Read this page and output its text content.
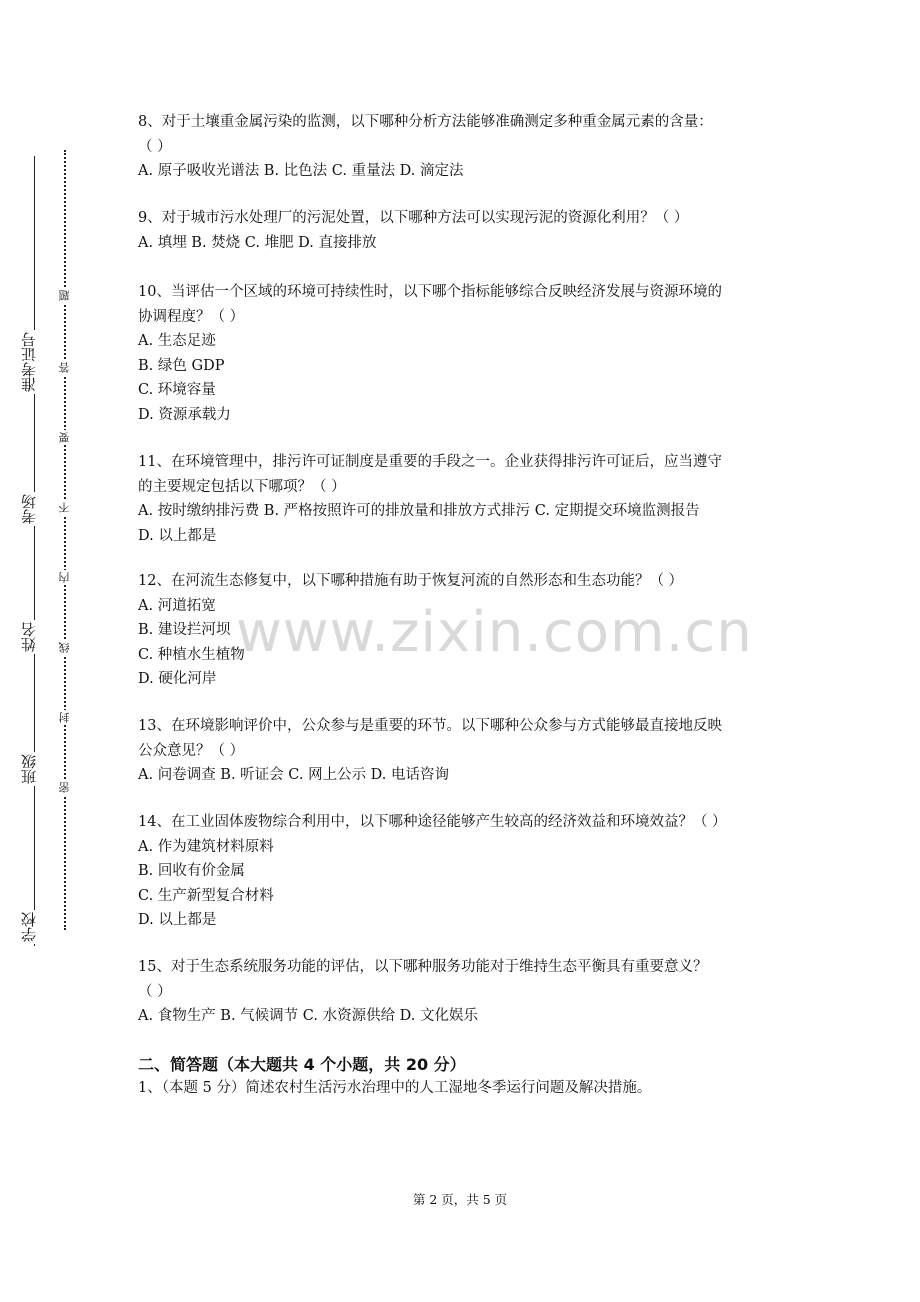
准考证号
考场
姓名
班级
学校
题
答
要
不
内
线
封
密
www.zixin.com.cn
8、对于土壤重金属污染的监测，以下哪种分析方法能够准确测定多种重金属元素的含量：
（ ）
A. 原子吸收光谱法 B. 比色法 C. 重量法 D. 滴定法
9、对于城市污水处理厂的污泥处置，以下哪种方法可以实现污泥的资源化利用？（ ）
A. 填埋 B. 焚烧 C. 堆肥 D. 直接排放
10、当评估一个区域的环境可持续性时，以下哪个指标能够综合反映经济发展与资源环境的
协调程度？（ ）
A. 生态足迹
B. 绿色 GDP
C. 环境容量
D. 资源承载力
11、在环境管理中，排污许可证制度是重要的手段之一。企业获得排污许可证后，应当遵守
的主要规定包括以下哪项？（ ）
A. 按时缴纳排污费 B. 严格按照许可的排放量和排放方式排污 C. 定期提交环境监测报告
D. 以上都是
12、在河流生态修复中，以下哪种措施有助于恢复河流的自然形态和生态功能？（ ）
A. 河道拓宽
B. 建设拦河坝
C. 种植水生植物
D. 硬化河岸
13、在环境影响评价中，公众参与是重要的环节。以下哪种公众参与方式能够最直接地反映
公众意见？（ ）
A. 问卷调查 B. 听证会 C. 网上公示 D. 电话咨询
14、在工业固体废物综合利用中，以下哪种途径能够产生较高的经济效益和环境效益？（ ）
A. 作为建筑材料原料
B. 回收有价金属
C. 生产新型复合材料
D. 以上都是
15、对于生态系统服务功能的评估，以下哪种服务功能对于维持生态平衡具有重要意义？
（ ）
A. 食物生产 B. 气候调节 C. 水资源供给 D. 文化娱乐
二、简答题（本大题共 4 个小题，共 20 分）
1、（本题 5 分）简述农村生活污水治理中的人工湿地冬季运行问题及解决措施。
第 2 页，共 5 页
